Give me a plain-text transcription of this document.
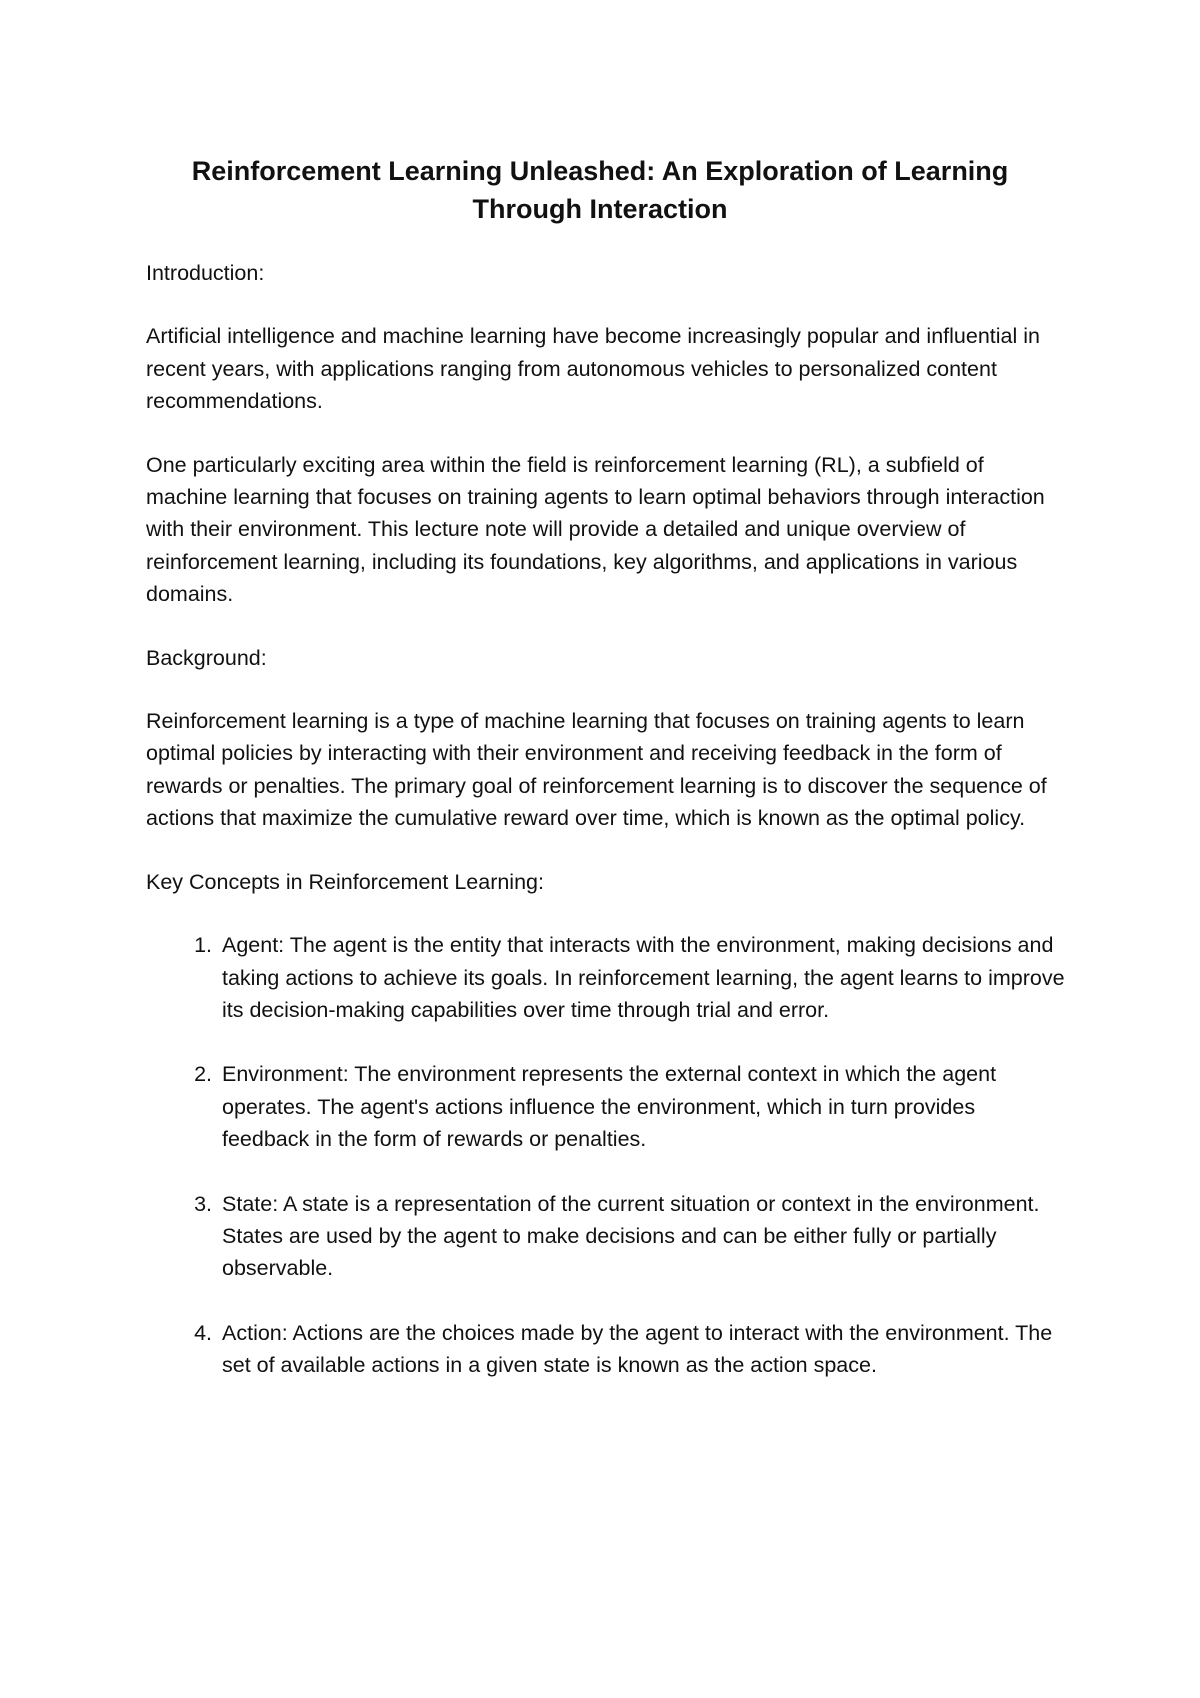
Reinforcement Learning Unleashed: An Exploration of Learning Through Interaction

Introduction:

Artificial intelligence and machine learning have become increasingly popular and influential in recent years, with applications ranging from autonomous vehicles to personalized content recommendations.

One particularly exciting area within the field is reinforcement learning (RL), a subfield of machine learning that focuses on training agents to learn optimal behaviors through interaction with their environment. This lecture note will provide a detailed and unique overview of reinforcement learning, including its foundations, key algorithms, and applications in various domains.

Background:

Reinforcement learning is a type of machine learning that focuses on training agents to learn optimal policies by interacting with their environment and receiving feedback in the form of rewards or penalties. The primary goal of reinforcement learning is to discover the sequence of actions that maximize the cumulative reward over time, which is known as the optimal policy.

Key Concepts in Reinforcement Learning:

1. Agent: The agent is the entity that interacts with the environment, making decisions and taking actions to achieve its goals. In reinforcement learning, the agent learns to improve its decision-making capabilities over time through trial and error.
2. Environment: The environment represents the external context in which the agent operates. The agent's actions influence the environment, which in turn provides feedback in the form of rewards or penalties.
3. State: A state is a representation of the current situation or context in the environment. States are used by the agent to make decisions and can be either fully or partially observable.
4. Action: Actions are the choices made by the agent to interact with the environment. The set of available actions in a given state is known as the action space.
